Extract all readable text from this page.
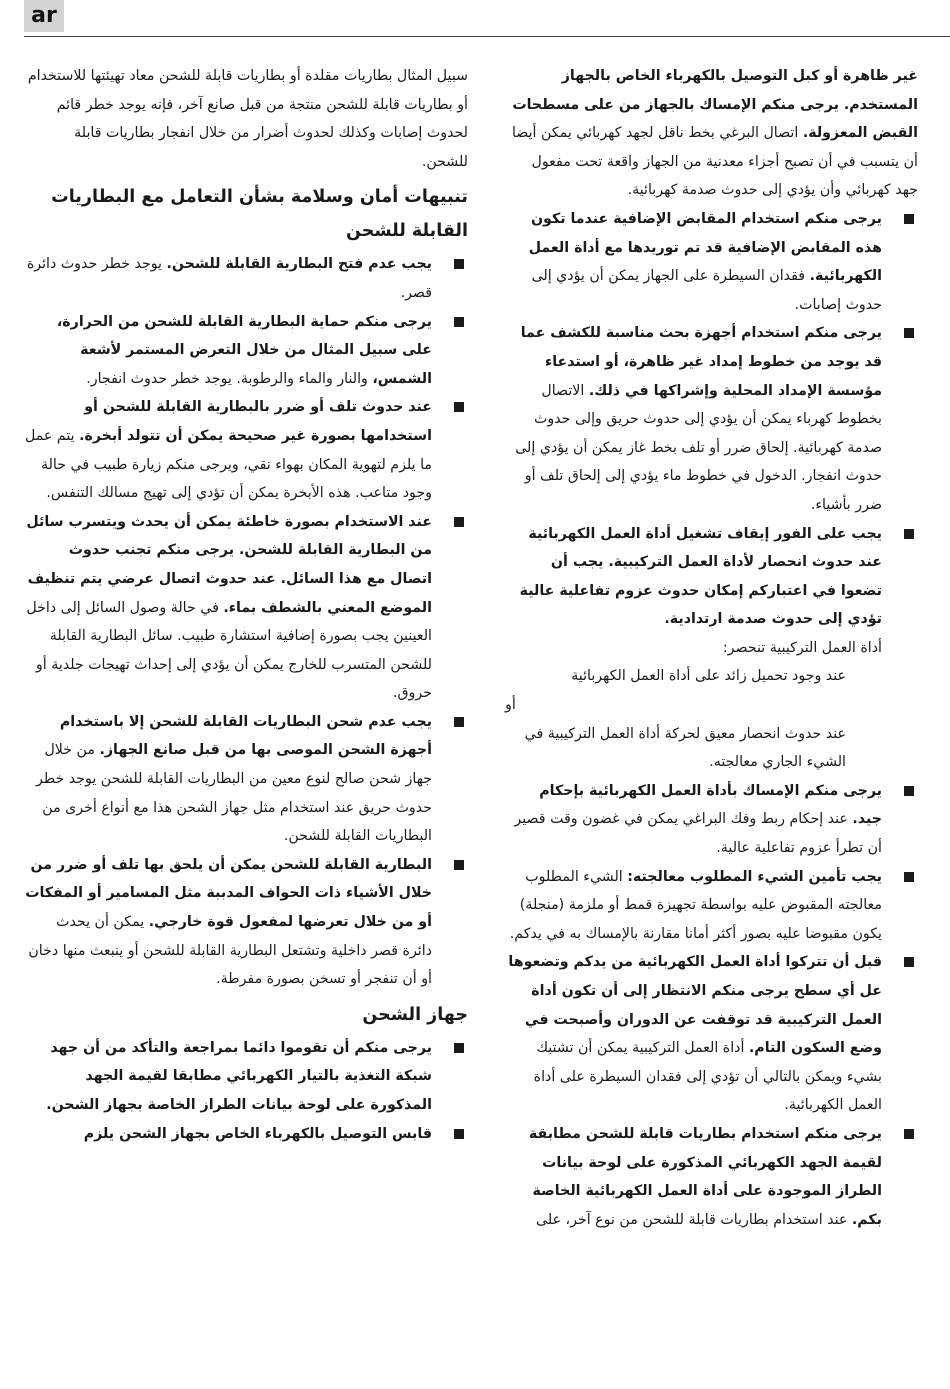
ar

غير ظاهرة أو كبل التوصيل بالكهرباء الخاص بالجهاز المستخدم. يرجى منكم الإمساك بالجهاز من على مسطحات القبض المعزولة. اتصال البرغي بخط ناقل لجهد كهربائي يمكن أيضا أن يتسبب في أن تصبح أجزاء معدنية من الجهاز واقعة تحت مفعول جهد كهربائي وأن يؤدي إلى حدوث صدمة كهربائية.

يرجى منكم استخدام المقابض الإضافية عندما تكون هذه المقابض الإضافية قد تم توريدها مع أداة العمل الكهربائية. فقدان السيطرة على الجهاز يمكن أن يؤدي إلى حدوث إصابات.

يرجى منكم استخدام أجهزة بحث مناسبة للكشف عما قد يوجد من خطوط إمداد غير ظاهرة، أو استدعاء مؤسسة الإمداد المحلية وإشراكها في ذلك. الاتصال بخطوط كهرباء يمكن أن يؤدي إلى حدوث حريق وإلى حدوث صدمة كهربائية. إلحاق ضرر أو تلف بخط غاز يمكن أن يؤدي إلى حدوث انفجار. الدخول في خطوط ماء يؤدي إلى إلحاق تلف أو ضرر بأشياء.

يجب على الفور إيقاف تشغيل أداة العمل الكهربائية عند حدوث انحصار لأداة العمل التركيبية. يجب أن تضعوا في اعتباركم إمكان حدوث عزوم تفاعلية عالية تؤدي إلى حدوث صدمة ارتدادية.

أداة العمل التركيبية تنحصر:

عند وجود تحميل زائد على أداة العمل الكهربائية

أو

عند حدوث انحصار معيق لحركة أداة العمل التركيبية في الشيء الجاري معالجته.

يرجى منكم الإمساك بأداة العمل الكهربائية بإحكام جيد. عند إحكام ربط وفك البراغي يمكن في غضون وقت قصير أن تطرأ عزوم تفاعلية عالية.

يجب تأمين الشيء المطلوب معالجته: الشيء المطلوب معالجته المقبوض عليه بواسطة تجهيزة قمط أو ملزمة (منجلة) يكون مقبوضا عليه بصور أكثر أمانا مقارنة بالإمساك به في يدكم.

قبل أن تتركوا أداة العمل الكهربائية من يدكم وتضعوها عل أي سطح يرجى منكم الانتظار إلى أن تكون أداة العمل التركيبية قد توقفت عن الدوران وأصبحت في وضع السكون التام. أداة العمل التركيبية يمكن أن تشتبك بشيء ويمكن بالتالي أن تؤدي إلى فقدان السيطرة على أداة العمل الكهربائية.

يرجى منكم استخدام بطاريات قابلة للشحن مطابقة لقيمة الجهد الكهربائي المذكورة على لوحة بيانات الطراز الموجودة على أداة العمل الكهربائية الخاصة بكم. عند استخدام بطاريات قابلة للشحن من نوع آخر، على

سبيل المثال بطاريات مقلدة أو بطاريات قابلة للشحن معاد تهيئتها للاستخدام أو بطاريات قابلة للشحن منتجة من قبل صانع آخر، فإنه يوجد خطر قائم لحدوث إصابات وكذلك لحدوث أضرار من خلال انفجار بطاريات قابلة للشحن.

تنبيهات أمان وسلامة بشأن التعامل مع البطاريات القابلة للشحن

يجب عدم فتح البطارية القابلة للشحن. يوجد خطر حدوث دائرة قصر.

يرجى منكم حماية البطارية القابلة للشحن من الحرارة، على سبيل المثال من خلال التعرض المستمر لأشعة الشمس، والنار والماء والرطوبة. يوجد خطر حدوث انفجار.

عند حدوث تلف أو ضرر بالبطارية القابلة للشحن أو استخدامها بصورة غير صحيحة يمكن أن تتولد أبخرة. يتم عمل ما يلزم لتهوية المكان بهواء نقي، ويرجى منكم زيارة طبيب في حالة وجود متاعب. هذه الأبخرة يمكن أن تؤدي إلى تهيج مسالك التنفس.

عند الاستخدام بصورة خاطئة يمكن أن يحدث ويتسرب سائل من البطارية القابلة للشحن. يرجى منكم تجنب حدوث اتصال مع هذا السائل. عند حدوث اتصال عرضي يتم تنظيف الموضع المعني بالشطف بماء. في حالة وصول السائل إلى داخل العينين يجب بصورة إضافية استشارة طبيب. سائل البطارية القابلة للشحن المتسرب للخارج يمكن أن يؤدي إلى إحداث تهيجات جلدية أو حروق.

يجب عدم شحن البطاريات القابلة للشحن إلا باستخدام أجهزة الشحن الموصى بها من قبل صانع الجهاز. من خلال جهاز شحن صالح لنوع معين من البطاريات القابلة للشحن يوجد خطر حدوث حريق عند استخدام مثل جهاز الشحن هذا مع أنواع أخرى من البطاريات القابلة للشحن.

البطارية القابلة للشحن يمكن أن يلحق بها تلف أو ضرر من خلال الأشياء ذات الحواف المدببة مثل المسامير أو المفكات أو من خلال تعرضها لمفعول قوة خارجي. يمكن أن يحدث دائرة قصر داخلية وتشتعل البطارية القابلة للشحن أو ينبعث منها دخان أو أن تنفجر أو تسخن بصورة مفرطة.

جهاز الشحن

يرجى منكم أن تقوموا دائما بمراجعة والتأكد من أن جهد شبكة التغذية بالتيار الكهربائي مطابقا لقيمة الجهد المذكورة على لوحة بيانات الطراز الخاصة بجهاز الشحن.

قابس التوصيل بالكهرباء الخاص بجهاز الشحن يلزم
